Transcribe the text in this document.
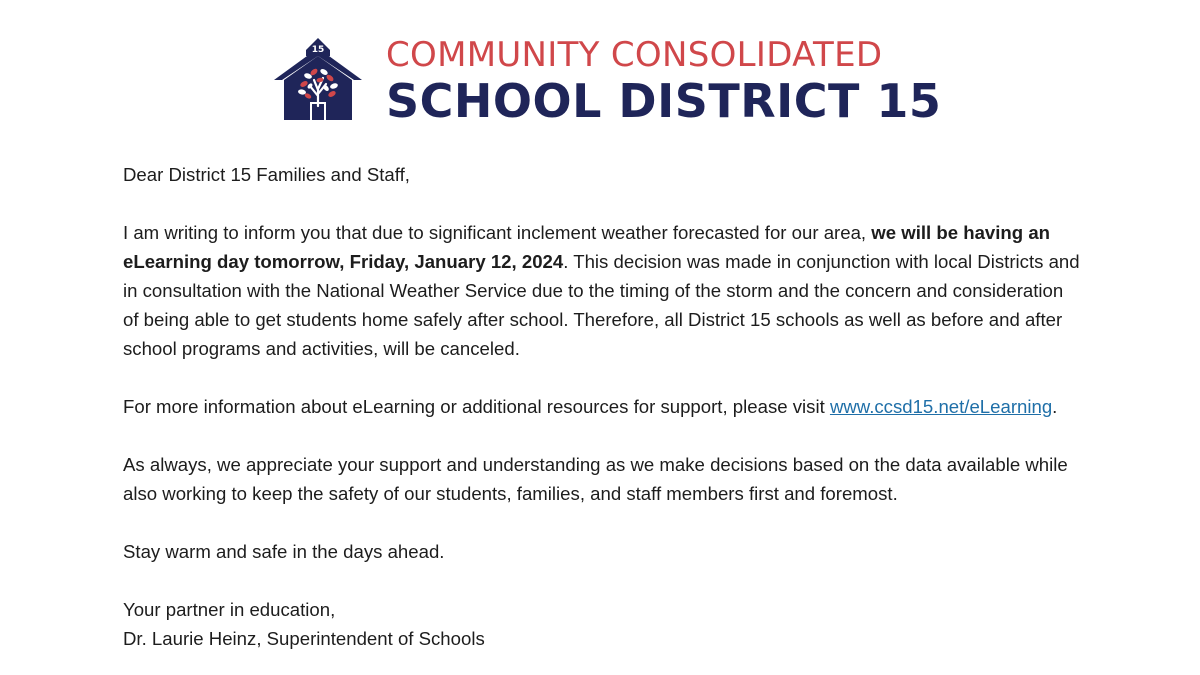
15 COMMUNITY CONSOLIDATED
SCHOOL DISTRICT 15

Dear District 15 Families and Staff,

I am writing to inform you that due to significant inclement weather forecasted for our area, we will be having an eLearning day tomorrow, Friday, January 12, 2024. This decision was made in conjunction with local Districts and in consultation with the National Weather Service due to the timing of the storm and the concern and consideration of being able to get students home safely after school. Therefore, all District 15 schools as well as before and after school programs and activities, will be canceled.

For more information about eLearning or additional resources for support, please visit www.ccsd15.net/eLearning.

As always, we appreciate your support and understanding as we make decisions based on the data available while also working to keep the safety of our students, families, and staff members first and foremost.

Stay warm and safe in the days ahead.

Your partner in education,
Dr. Laurie Heinz, Superintendent of Schools
